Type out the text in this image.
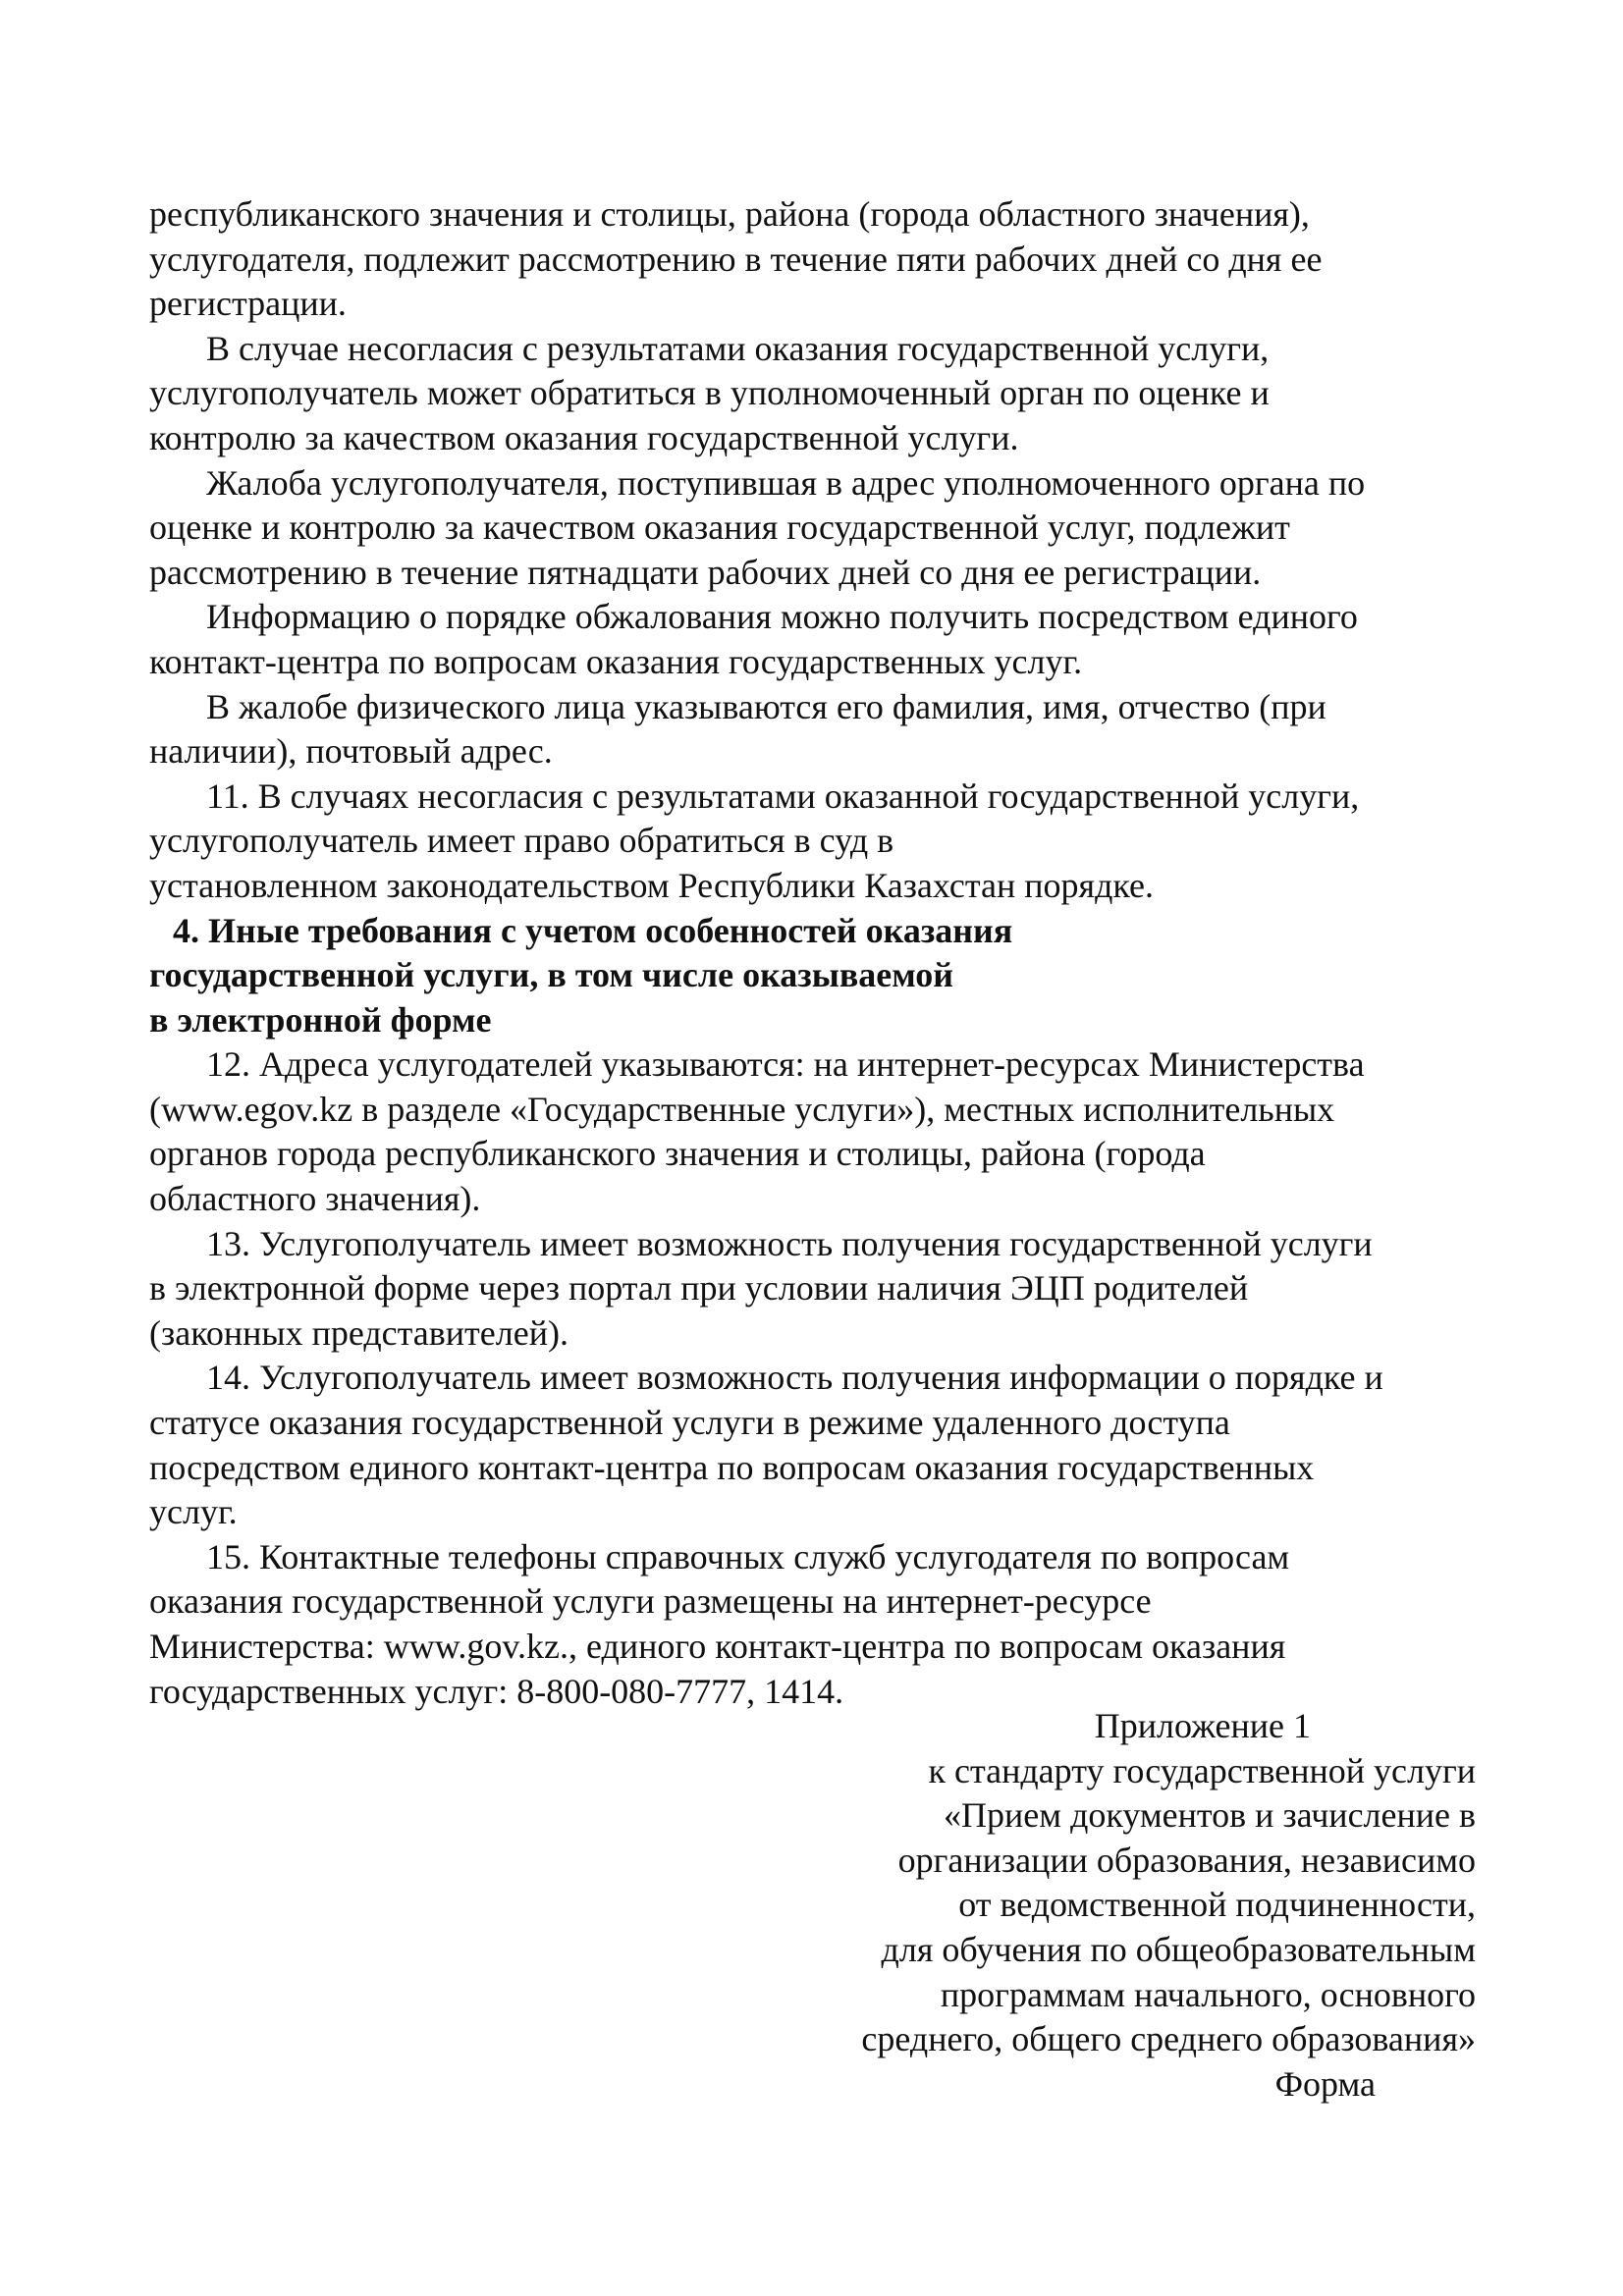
республиканского значения и столицы, района (города областного значения),
услугодателя, подлежит рассмотрению в течение пяти рабочих дней со дня ее
регистрации.
В случае несогласия с результатами оказания государственной услуги,
услугополучатель может обратиться в уполномоченный орган по оценке и
контролю за качеством оказания государственной услуги.
Жалоба услугополучателя, поступившая в адрес уполномоченного органа по
оценке и контролю за качеством оказания государственной услуг, подлежит
рассмотрению в течение пятнадцати рабочих дней со дня ее регистрации.
Информацию о порядке обжалования можно получить посредством единого
контакт-центра по вопросам оказания государственных услуг.
В жалобе физического лица указываются его фамилия, имя, отчество (при
наличии), почтовый адрес.
11. В случаях несогласия с результатами оказанной государственной услуги,
услугополучатель имеет право обратиться в суд в
установленном законодательством Республики Казахстан порядке.
4. Иные требования с учетом особенностей оказания
государственной услуги, в том числе оказываемой
в электронной форме
12. Адреса услугодателей указываются: на интернет-ресурсах Министерства
(www.egov.kz в разделе «Государственные услуги»), местных исполнительных
органов города республиканского значения и столицы, района (города
областного значения).
13. Услугополучатель имеет возможность получения государственной услуги
в электронной форме через портал при условии наличия ЭЦП родителей
(законных представителей).
14. Услугополучатель имеет возможность получения информации о порядке и
статусе оказания государственной услуги в режиме удаленного доступа
посредством единого контакт-центра по вопросам оказания государственных
услуг.
15. Контактные телефоны справочных служб услугодателя по вопросам
оказания государственной услуги размещены на интернет-ресурсе
Министерства: www.gov.kz., единого контакт-центра по вопросам оказания
государственных услуг: 8-800-080-7777, 1414.
Приложение 1
к стандарту государственной услуги
«Прием документов и зачисление в
организации образования, независимо
от ведомственной подчиненности,
для обучения по общеобразовательным
программам начального, основного
среднего, общего среднего образования»
Форма
